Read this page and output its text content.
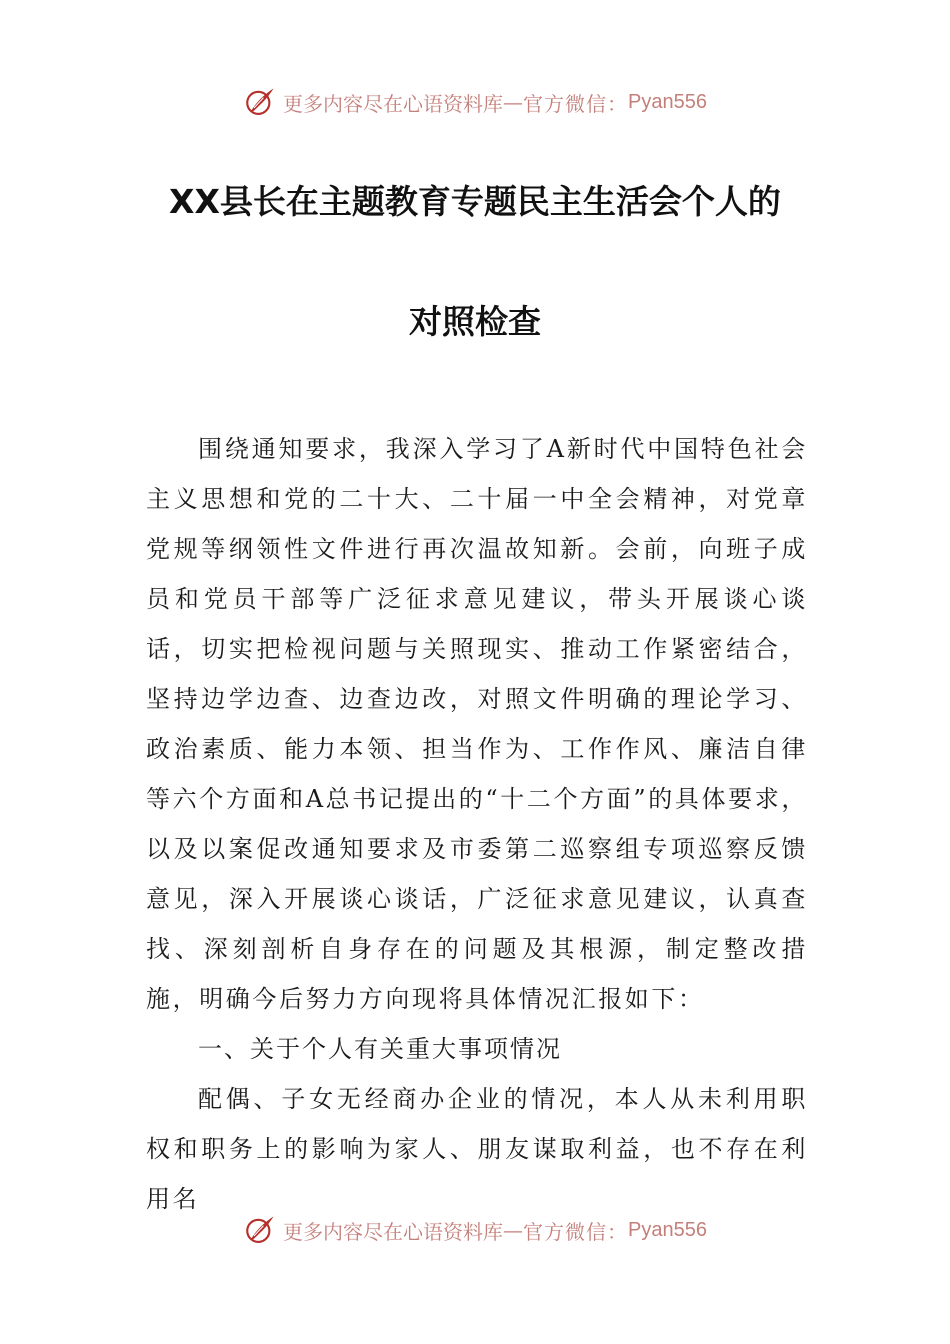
更多内容尽在心语资料库 — 官方微信： Pyan556
XX县长在主题教育专题民主生活会个人的
对照检查

围绕通知要求，我深入学习了A新时代中国特色社会主义思想和党的二十大、二十届一中全会精神，对党章党规等纲领性文件进行再次温故知新。会前，向班子成员和党员干部等广泛征求意见建议，带头开展谈心谈话，切实把检视问题与关照现实、推动工作紧密结合，坚持边学边查、边查边改，对照文件明确的理论学习、政治素质、能力本领、担当作为、工作作风、廉洁自律等六个方面和A总书记提出的“十二个方面”的具体要求，以及以案促改通知要求及市委第二巡察组专项巡察反馈意见，深入开展谈心谈话，广泛征求意见建议，认真查找、深刻剖析自身存在的问题及其根源，制定整改措施，明确今后努力方向现将具体情况汇报如下：

一、关于个人有关重大事项情况

配偶、子女无经商办企业的情况，本人从未利用职权和职务上的影响为家人、朋友谋取利益，也不存在利用名

更多内容尽在心语资料库 — 官方微信： Pyan556
